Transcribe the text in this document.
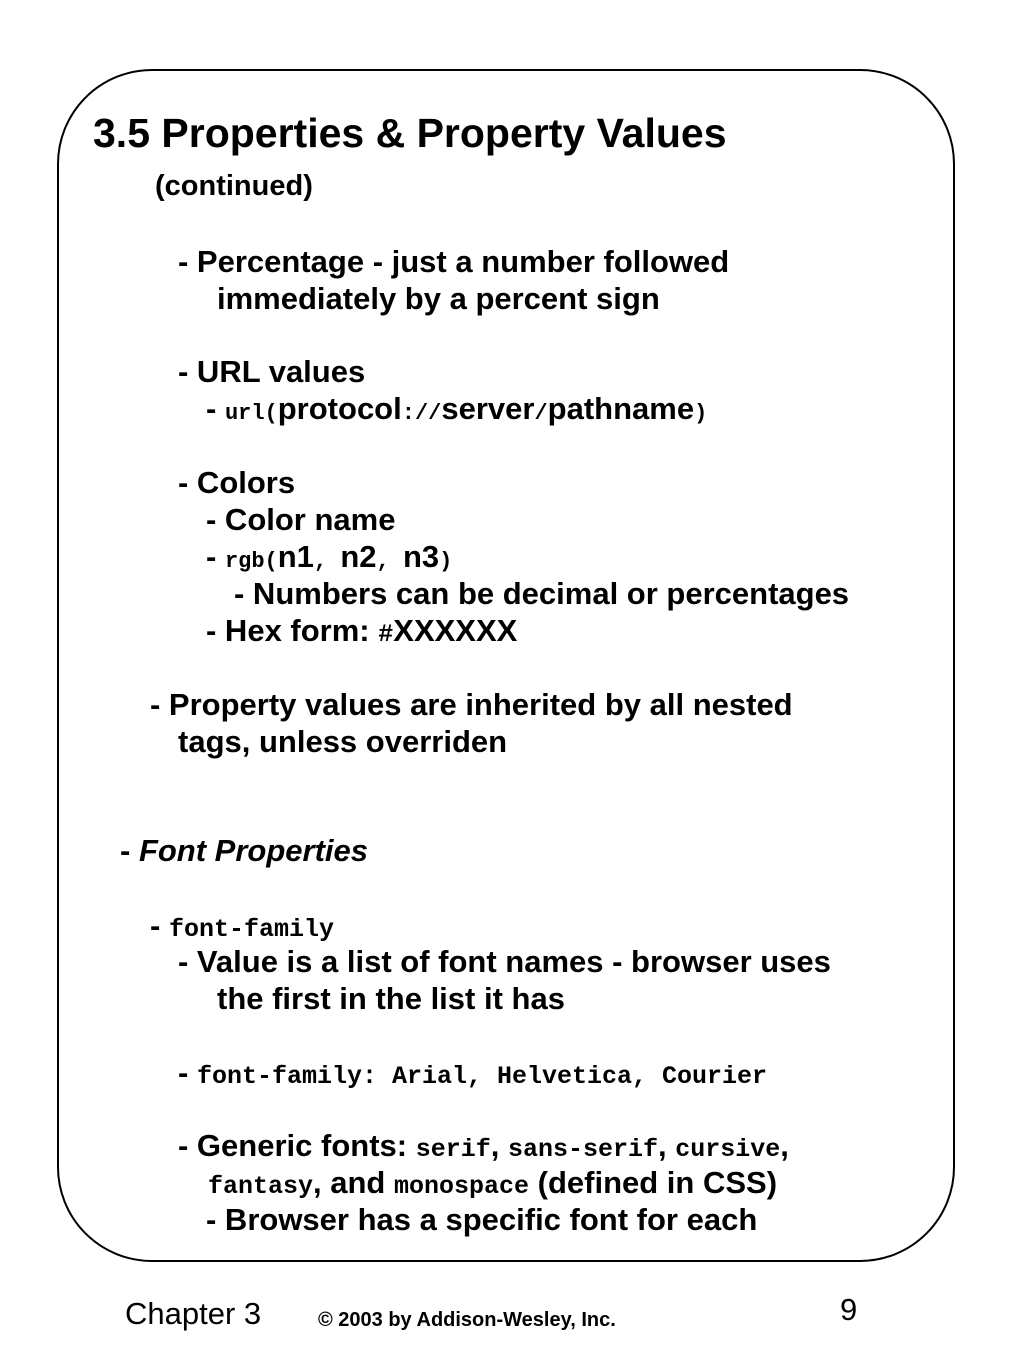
3.5 Properties & Property Values
(continued)
- Percentage - just a number followed
immediately by a percent sign
- URL values
- url(protocol://server/pathname)
- Colors
- Color name
- rgb(n1, n2, n3)
- Numbers can be decimal or percentages
- Hex form: #XXXXXX
- Property values are inherited by all nested
tags, unless overriden
- Font Properties
- font-family
- Value is a list of font names - browser uses
the first in the list it has
- font-family: Arial, Helvetica, Courier
- Generic fonts: serif, sans-serif, cursive,
fantasy, and monospace (defined in CSS)
- Browser has a specific font for each
Chapter 3	© 2003 by Addison-Wesley, Inc.	9
